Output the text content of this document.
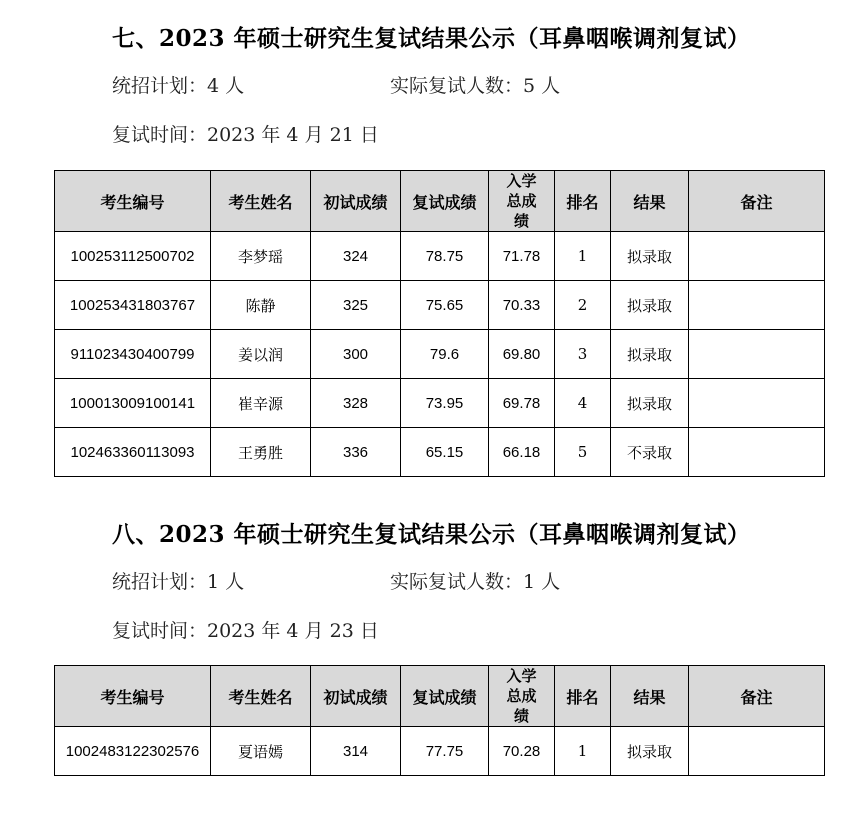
七、2023 年硕士研究生复试结果公示（耳鼻咽喉调剂复试）
统招计划：4 人	实际复试人数：5 人
复试时间：2023 年 4 月 21 日
考生编号	考生姓名	初试成绩	复试成绩	入学总成绩	排名	结果	备注
100253112500702	李梦瑶	324	78.75	71.78	1	拟录取	
100253431803767	陈静	325	75.65	70.33	2	拟录取	
911023430400799	姜以润	300	79.6	69.80	3	拟录取	
100013009100141	崔辛源	328	73.95	69.78	4	拟录取	
102463360113093	王勇胜	336	65.15	66.18	5	不录取	
八、2023 年硕士研究生复试结果公示（耳鼻咽喉调剂复试）
统招计划：1 人	实际复试人数：1 人
复试时间：2023 年 4 月 23 日
考生编号	考生姓名	初试成绩	复试成绩	入学总成绩	排名	结果	备注
1002483122302576	夏语嫣	314	77.75	70.28	1	拟录取	
